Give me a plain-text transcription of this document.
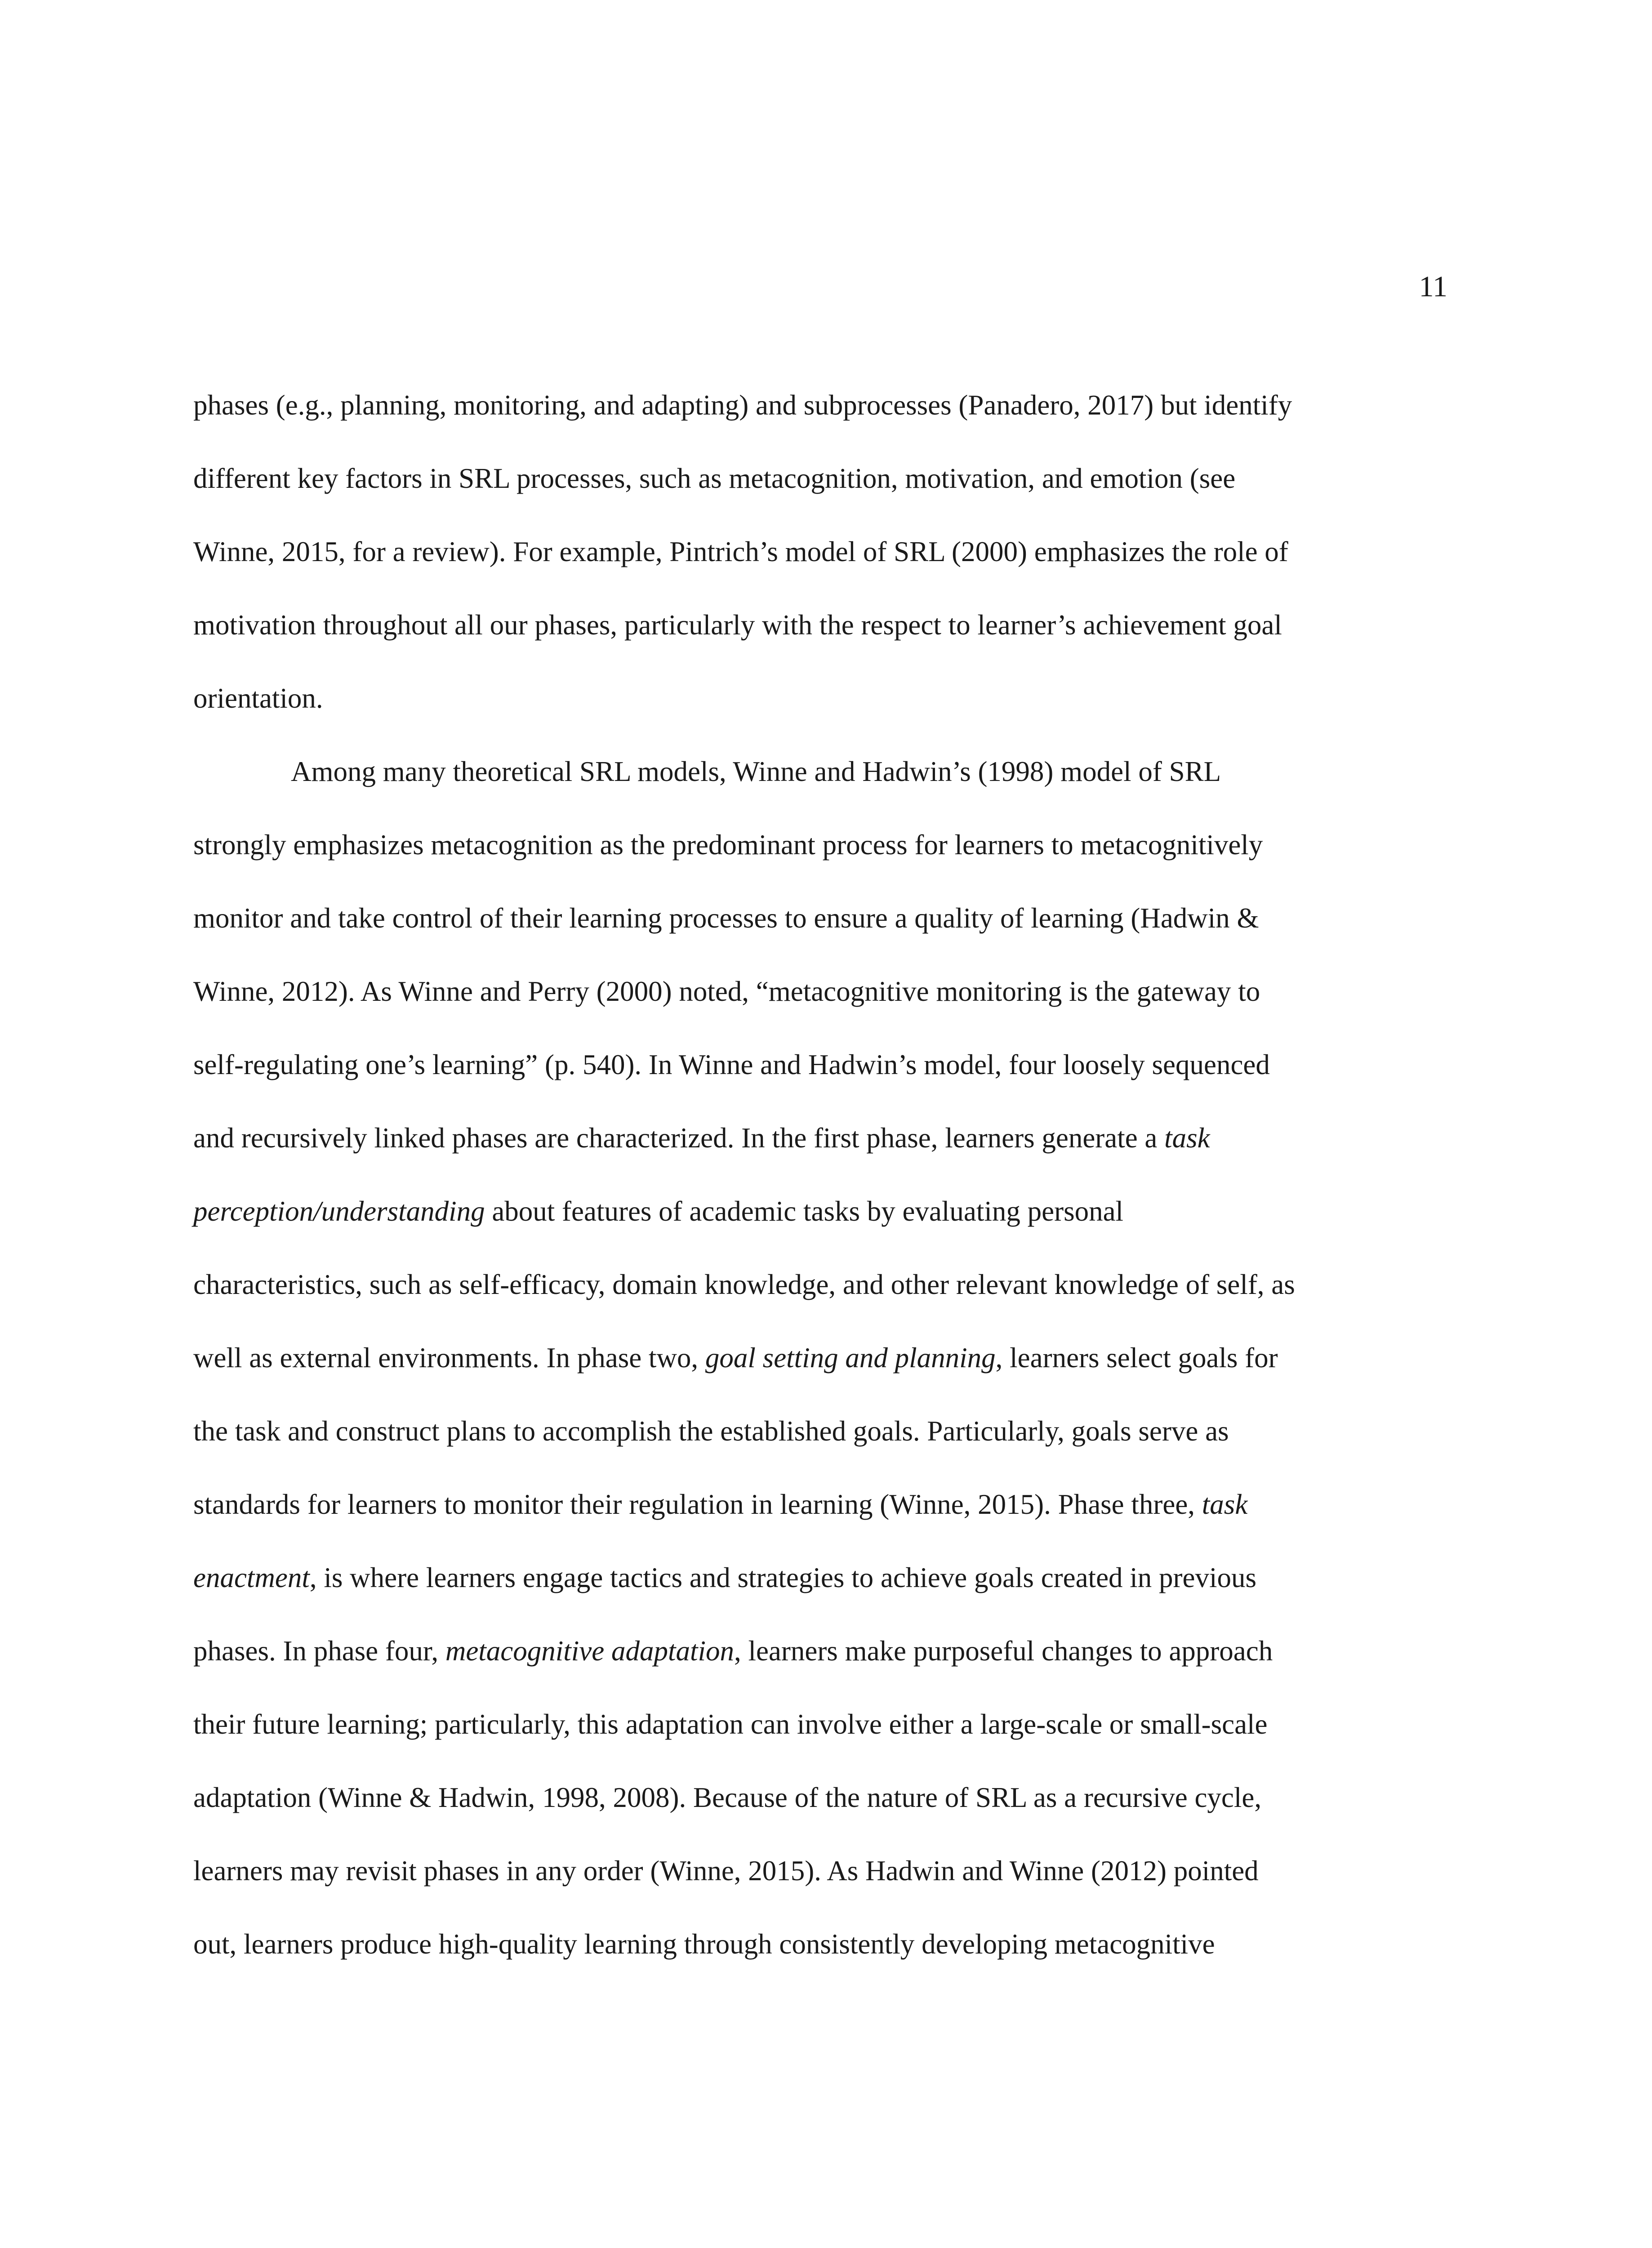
11
phases (e.g., planning, monitoring, and adapting) and subprocesses (Panadero, 2017) but identify
different key factors in SRL processes, such as metacognition, motivation, and emotion (see
Winne, 2015, for a review). For example, Pintrich’s model of SRL (2000) emphasizes the role of
motivation throughout all our phases, particularly with the respect to learner’s achievement goal
orientation.
Among many theoretical SRL models, Winne and Hadwin’s (1998) model of SRL
strongly emphasizes metacognition as the predominant process for learners to metacognitively
monitor and take control of their learning processes to ensure a quality of learning (Hadwin &
Winne, 2012). As Winne and Perry (2000) noted, “metacognitive monitoring is the gateway to
self-regulating one’s learning” (p. 540). In Winne and Hadwin’s model, four loosely sequenced
and recursively linked phases are characterized. In the first phase, learners generate a task
perception/understanding about features of academic tasks by evaluating personal
characteristics, such as self-efficacy, domain knowledge, and other relevant knowledge of self, as
well as external environments. In phase two, goal setting and planning, learners select goals for
the task and construct plans to accomplish the established goals. Particularly, goals serve as
standards for learners to monitor their regulation in learning (Winne, 2015). Phase three, task
enactment, is where learners engage tactics and strategies to achieve goals created in previous
phases. In phase four, metacognitive adaptation, learners make purposeful changes to approach
their future learning; particularly, this adaptation can involve either a large-scale or small-scale
adaptation (Winne & Hadwin, 1998, 2008). Because of the nature of SRL as a recursive cycle,
learners may revisit phases in any order (Winne, 2015). As Hadwin and Winne (2012) pointed
out, learners produce high-quality learning through consistently developing metacognitive
